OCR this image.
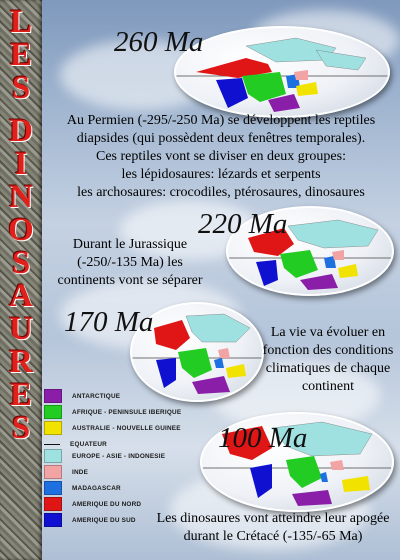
L
E
S
D
I
N
O
S
A
U
R
E
S
260 Ma
220 Ma
170 Ma
100 Ma
Au Permien (-295/-250 Ma) se développent les reptiles
diapsides (qui possèdent deux fenêtres temporales).
Ces reptiles vont se diviser en deux groupes:
les lépidosaures: lézards et serpents
les archosaures: crocodiles, ptérosaures, dinosaures
Durant le Jurassique
(-250/-135 Ma) les
continents vont se séparer
La vie va évoluer en
fonction des conditions
climatiques de chaque
continent
Les dinosaures vont atteindre leur apogée
durant le Crétacé (-135/-65 Ma)
ANTARCTIQUE
AFRIQUE - PENINSULE IBERIQUE
AUSTRALIE - NOUVELLE GUINEE
EQUATEUR
EUROPE - ASIE - INDONESIE
INDE
MADAGASCAR
AMERIQUE DU NORD
AMERIQUE DU SUD
